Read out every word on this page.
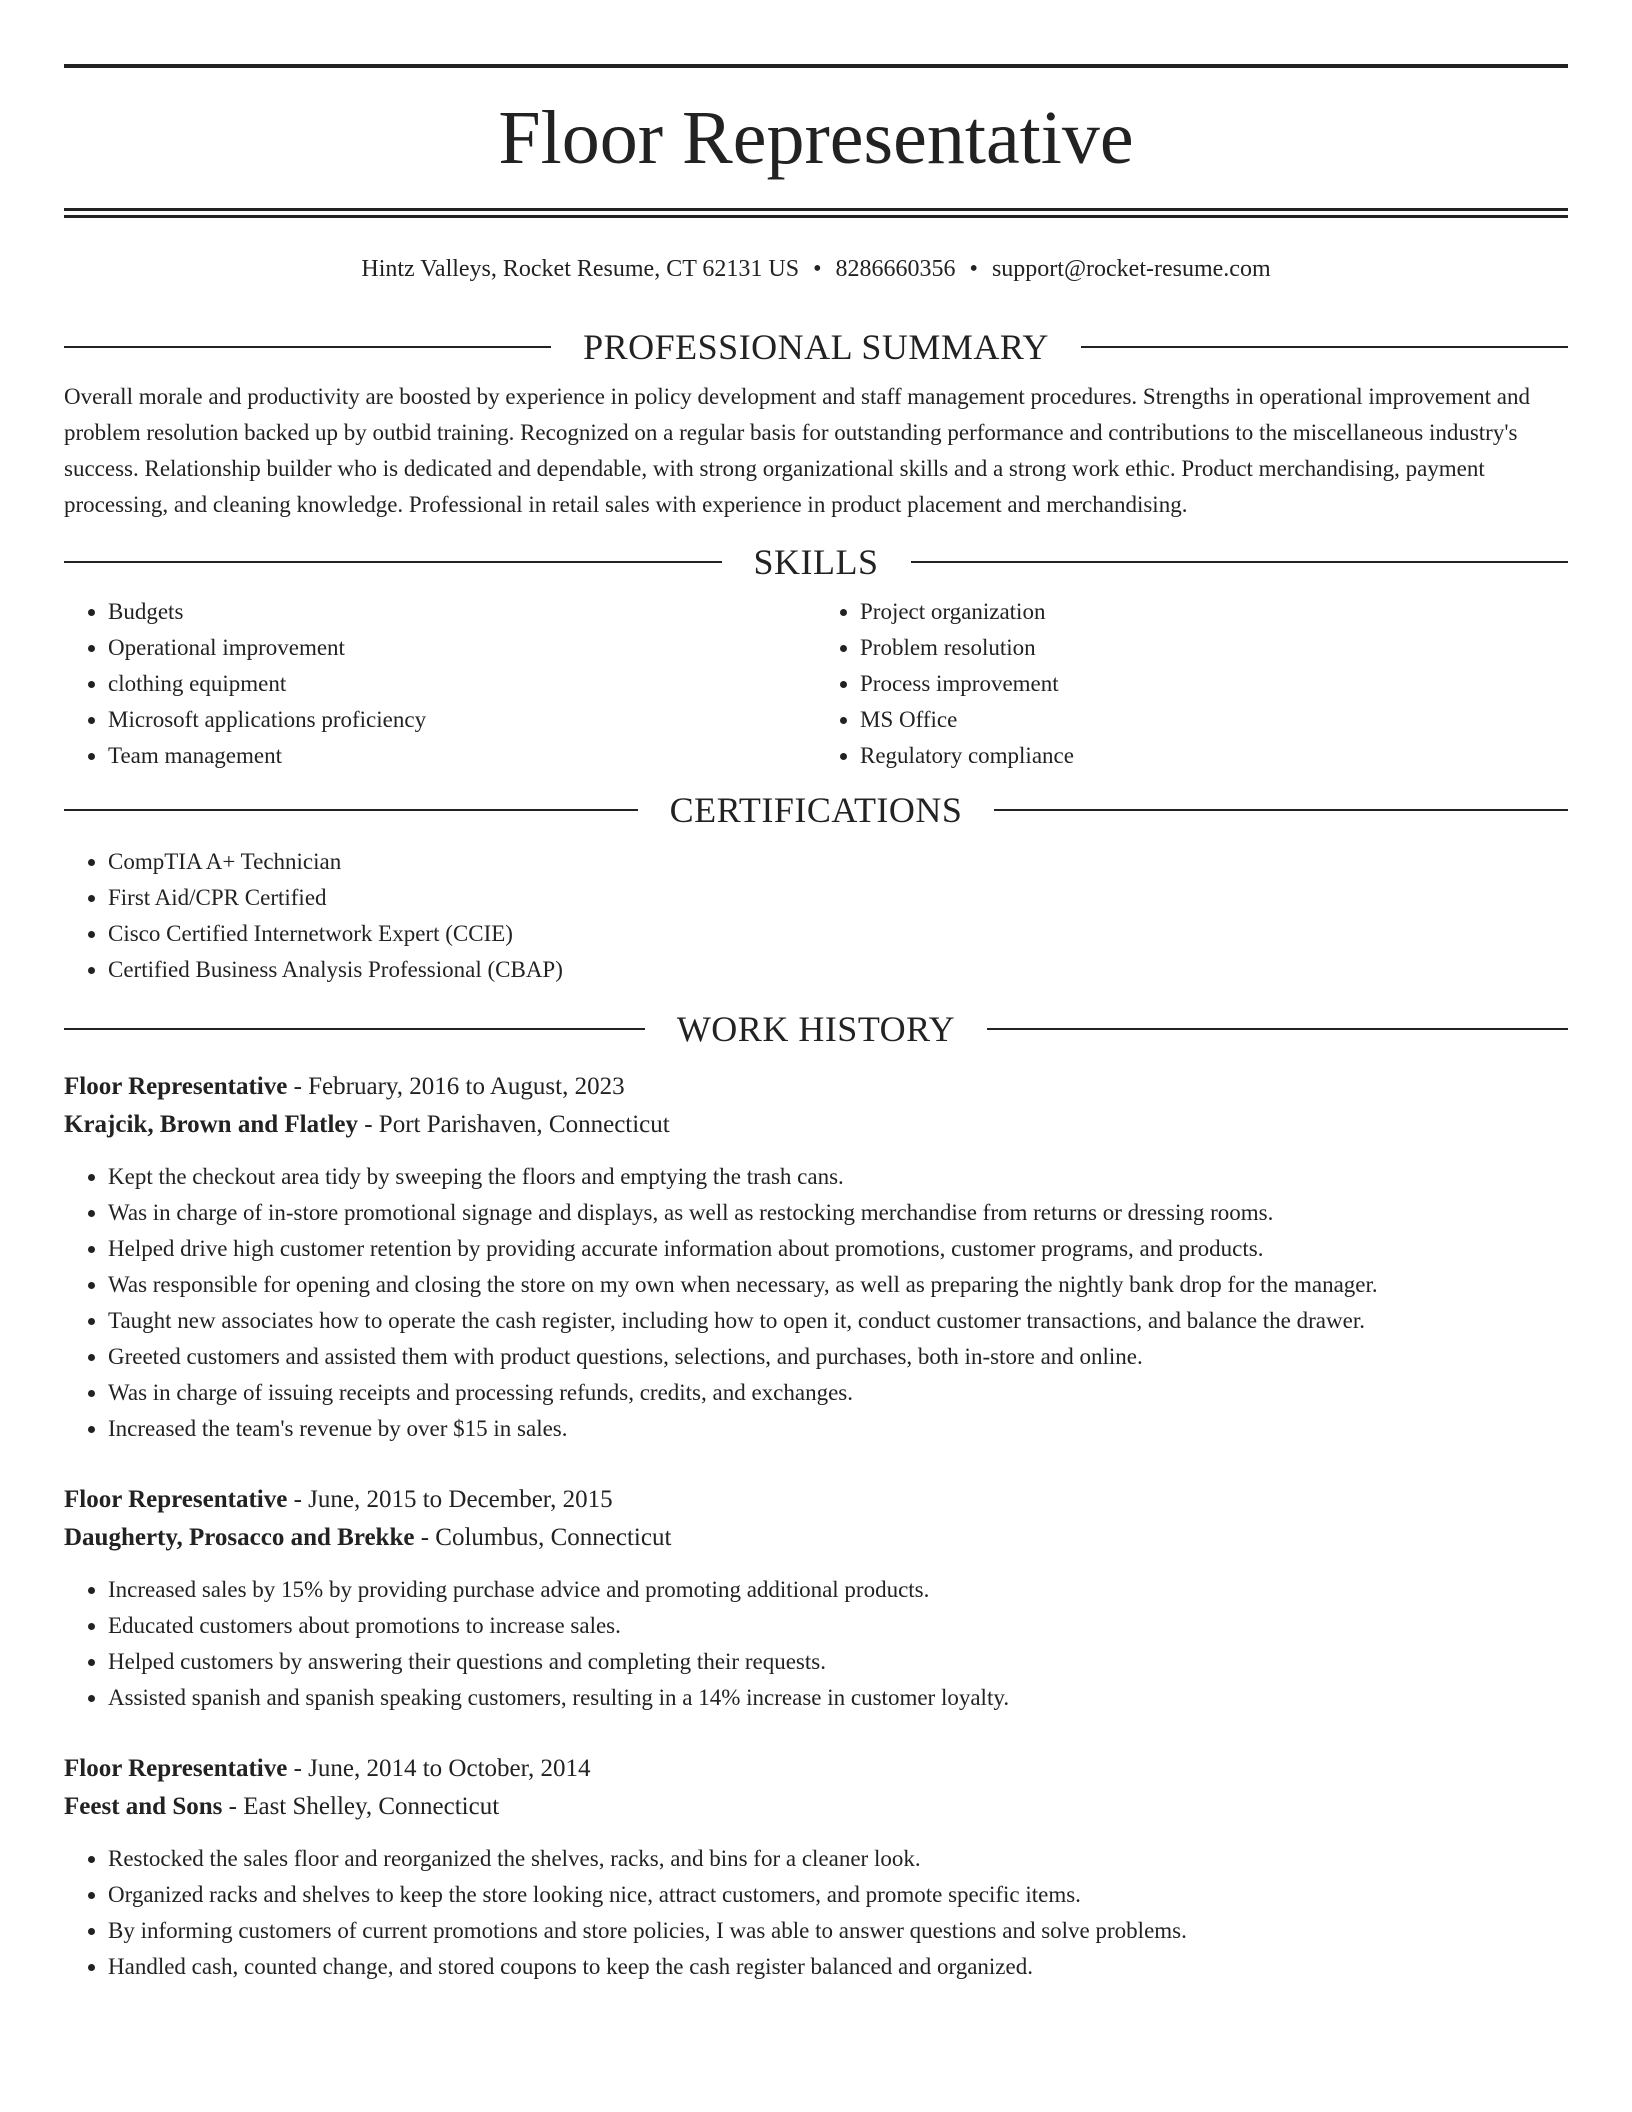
Floor Representative
Hintz Valleys, Rocket Resume, CT 62131 US • 8286660356 • support@rocket-resume.com
PROFESSIONAL SUMMARY

Overall morale and productivity are boosted by experience in policy development and staff management procedures. Strengths in operational improvement and problem resolution backed up by outbid training. Recognized on a regular basis for outstanding performance and contributions to the miscellaneous industry's success. Relationship builder who is dedicated and dependable, with strong organizational skills and a strong work ethic. Product merchandising, payment processing, and cleaning knowledge. Professional in retail sales with experience in product placement and merchandising.

SKILLS
• Budgets
• Operational improvement
• clothing equipment
• Microsoft applications proficiency
• Team management
• Project organization
• Problem resolution
• Process improvement
• MS Office
• Regulatory compliance
CERTIFICATIONS
• CompTIA A+ Technician
• First Aid/CPR Certified
• Cisco Certified Internetwork Expert (CCIE)
• Certified Business Analysis Professional (CBAP)
WORK HISTORY
Floor Representative - February, 2016 to August, 2023
Krajcik, Brown and Flatley - Port Parishaven, Connecticut
• Kept the checkout area tidy by sweeping the floors and emptying the trash cans.
• Was in charge of in-store promotional signage and displays, as well as restocking merchandise from returns or dressing rooms.
• Helped drive high customer retention by providing accurate information about promotions, customer programs, and products.
• Was responsible for opening and closing the store on my own when necessary, as well as preparing the nightly bank drop for the manager.
• Taught new associates how to operate the cash register, including how to open it, conduct customer transactions, and balance the drawer.
• Greeted customers and assisted them with product questions, selections, and purchases, both in-store and online.
• Was in charge of issuing receipts and processing refunds, credits, and exchanges.
• Increased the team's revenue by over $15 in sales.
Floor Representative - June, 2015 to December, 2015
Daugherty, Prosacco and Brekke - Columbus, Connecticut
• Increased sales by 15% by providing purchase advice and promoting additional products.
• Educated customers about promotions to increase sales.
• Helped customers by answering their questions and completing their requests.
• Assisted spanish and spanish speaking customers, resulting in a 14% increase in customer loyalty.
Floor Representative - June, 2014 to October, 2014
Feest and Sons - East Shelley, Connecticut
• Restocked the sales floor and reorganized the shelves, racks, and bins for a cleaner look.
• Organized racks and shelves to keep the store looking nice, attract customers, and promote specific items.
• By informing customers of current promotions and store policies, I was able to answer questions and solve problems.
• Handled cash, counted change, and stored coupons to keep the cash register balanced and organized.
